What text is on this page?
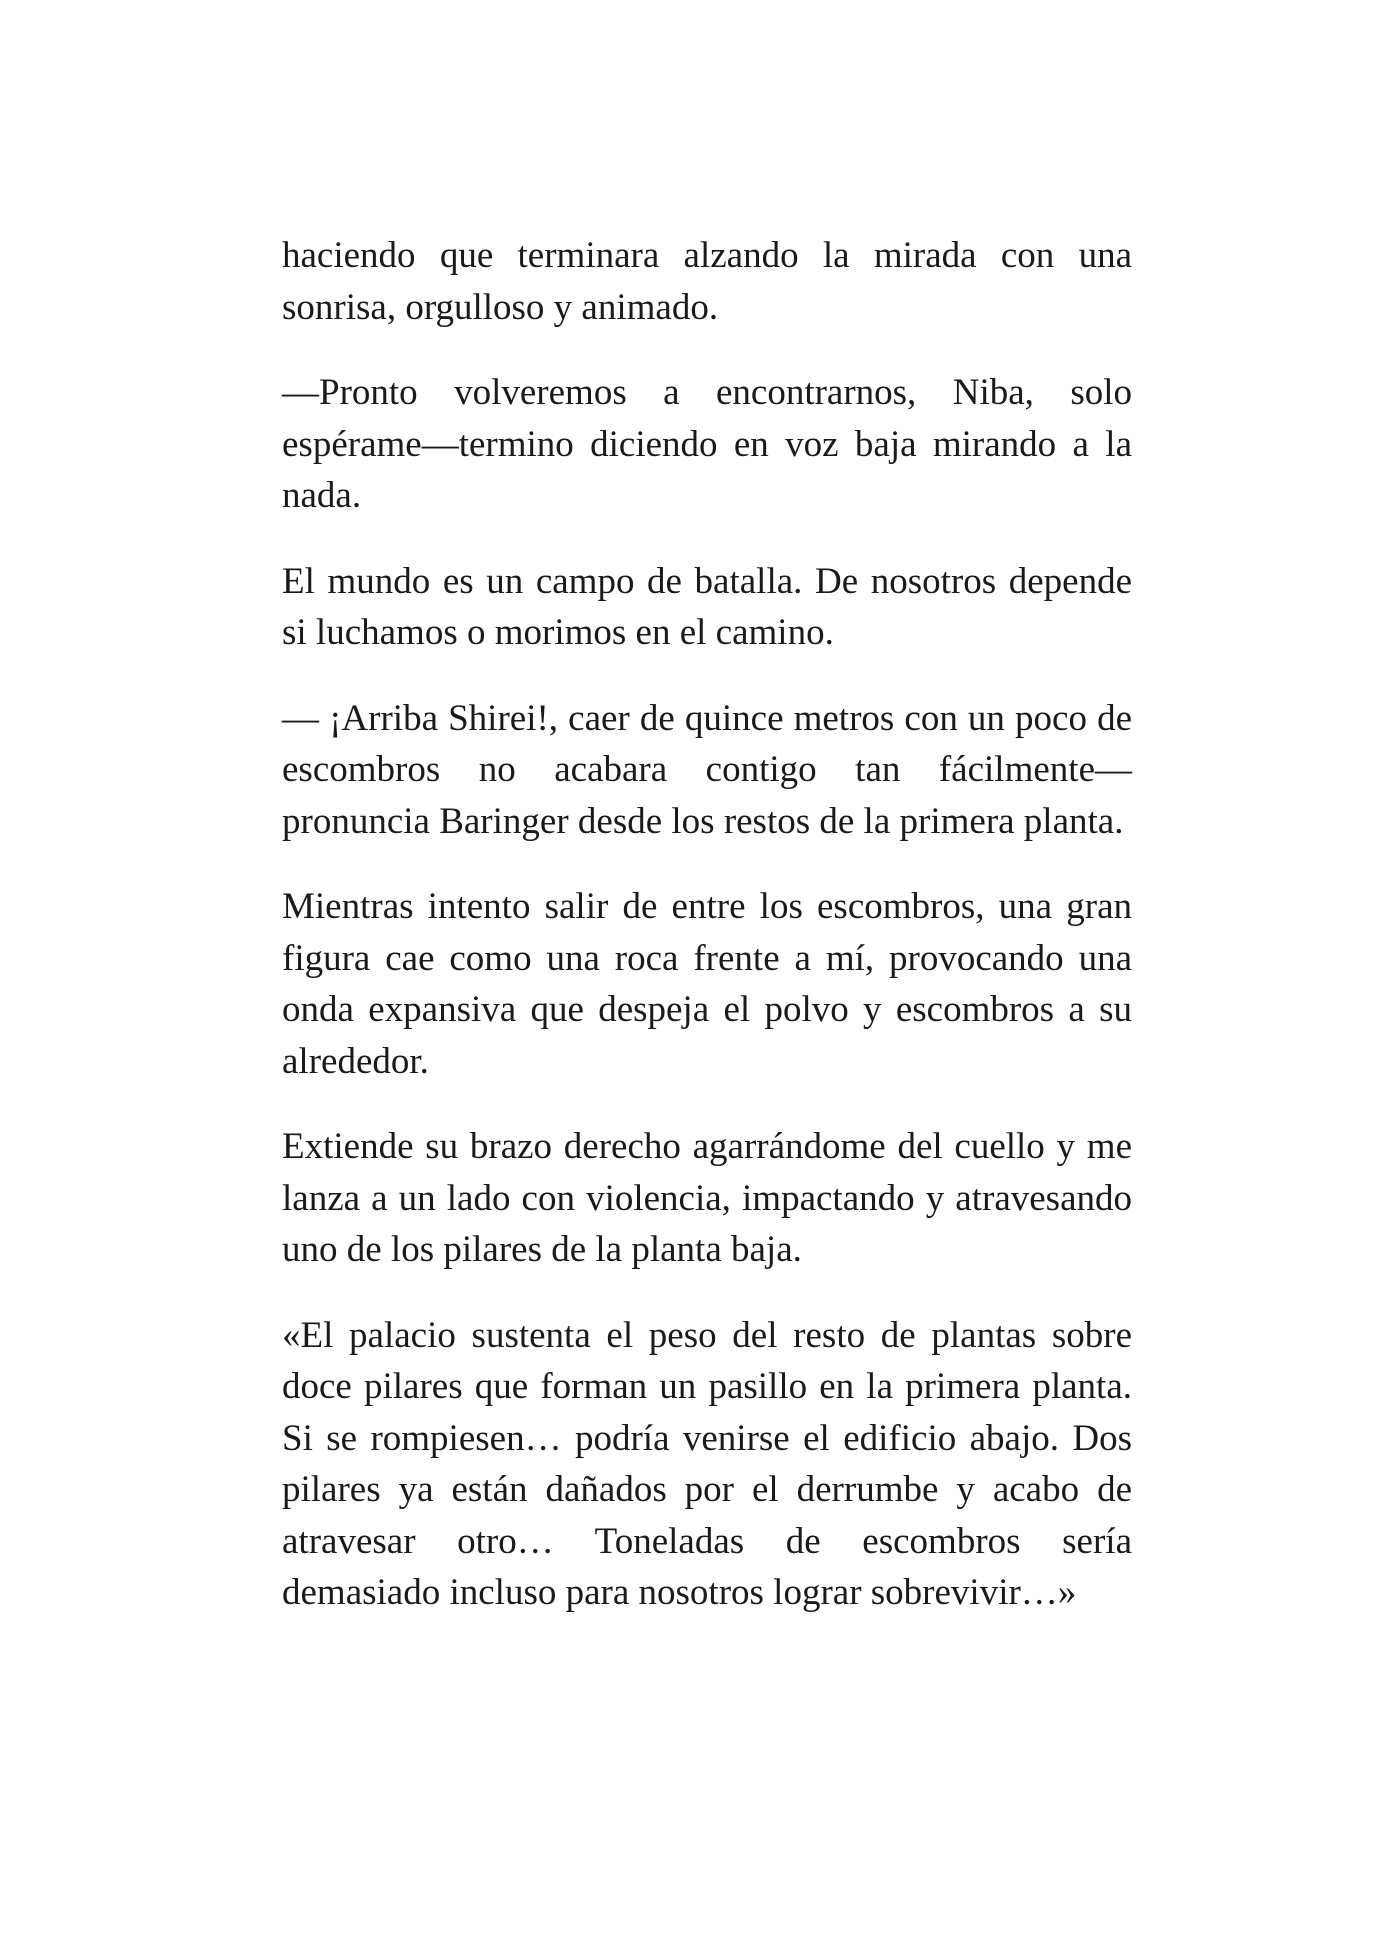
haciendo que terminara alzando la mirada con una sonrisa, orgulloso y animado.

—Pronto volveremos a encontrarnos, Niba, solo espérame—termino diciendo en voz baja mirando a la nada.

El mundo es un campo de batalla. De nosotros depende si luchamos o morimos en el camino.

— ¡Arriba Shirei!, caer de quince metros con un poco de escombros no acabara contigo tan fácilmente—pronuncia Baringer desde los restos de la primera planta.

Mientras intento salir de entre los escombros, una gran figura cae como una roca frente a mí, provocando una onda expansiva que despeja el polvo y escombros a su alrededor.

Extiende su brazo derecho agarrándome del cuello y me lanza a un lado con violencia, impactando y atravesando uno de los pilares de la planta baja.

«El palacio sustenta el peso del resto de plantas sobre doce pilares que forman un pasillo en la primera planta. Si se rompiesen… podría venirse el edificio abajo. Dos pilares ya están dañados por el derrumbe y acabo de atravesar otro… Toneladas de escombros sería demasiado incluso para nosotros lograr sobrevivir…»
